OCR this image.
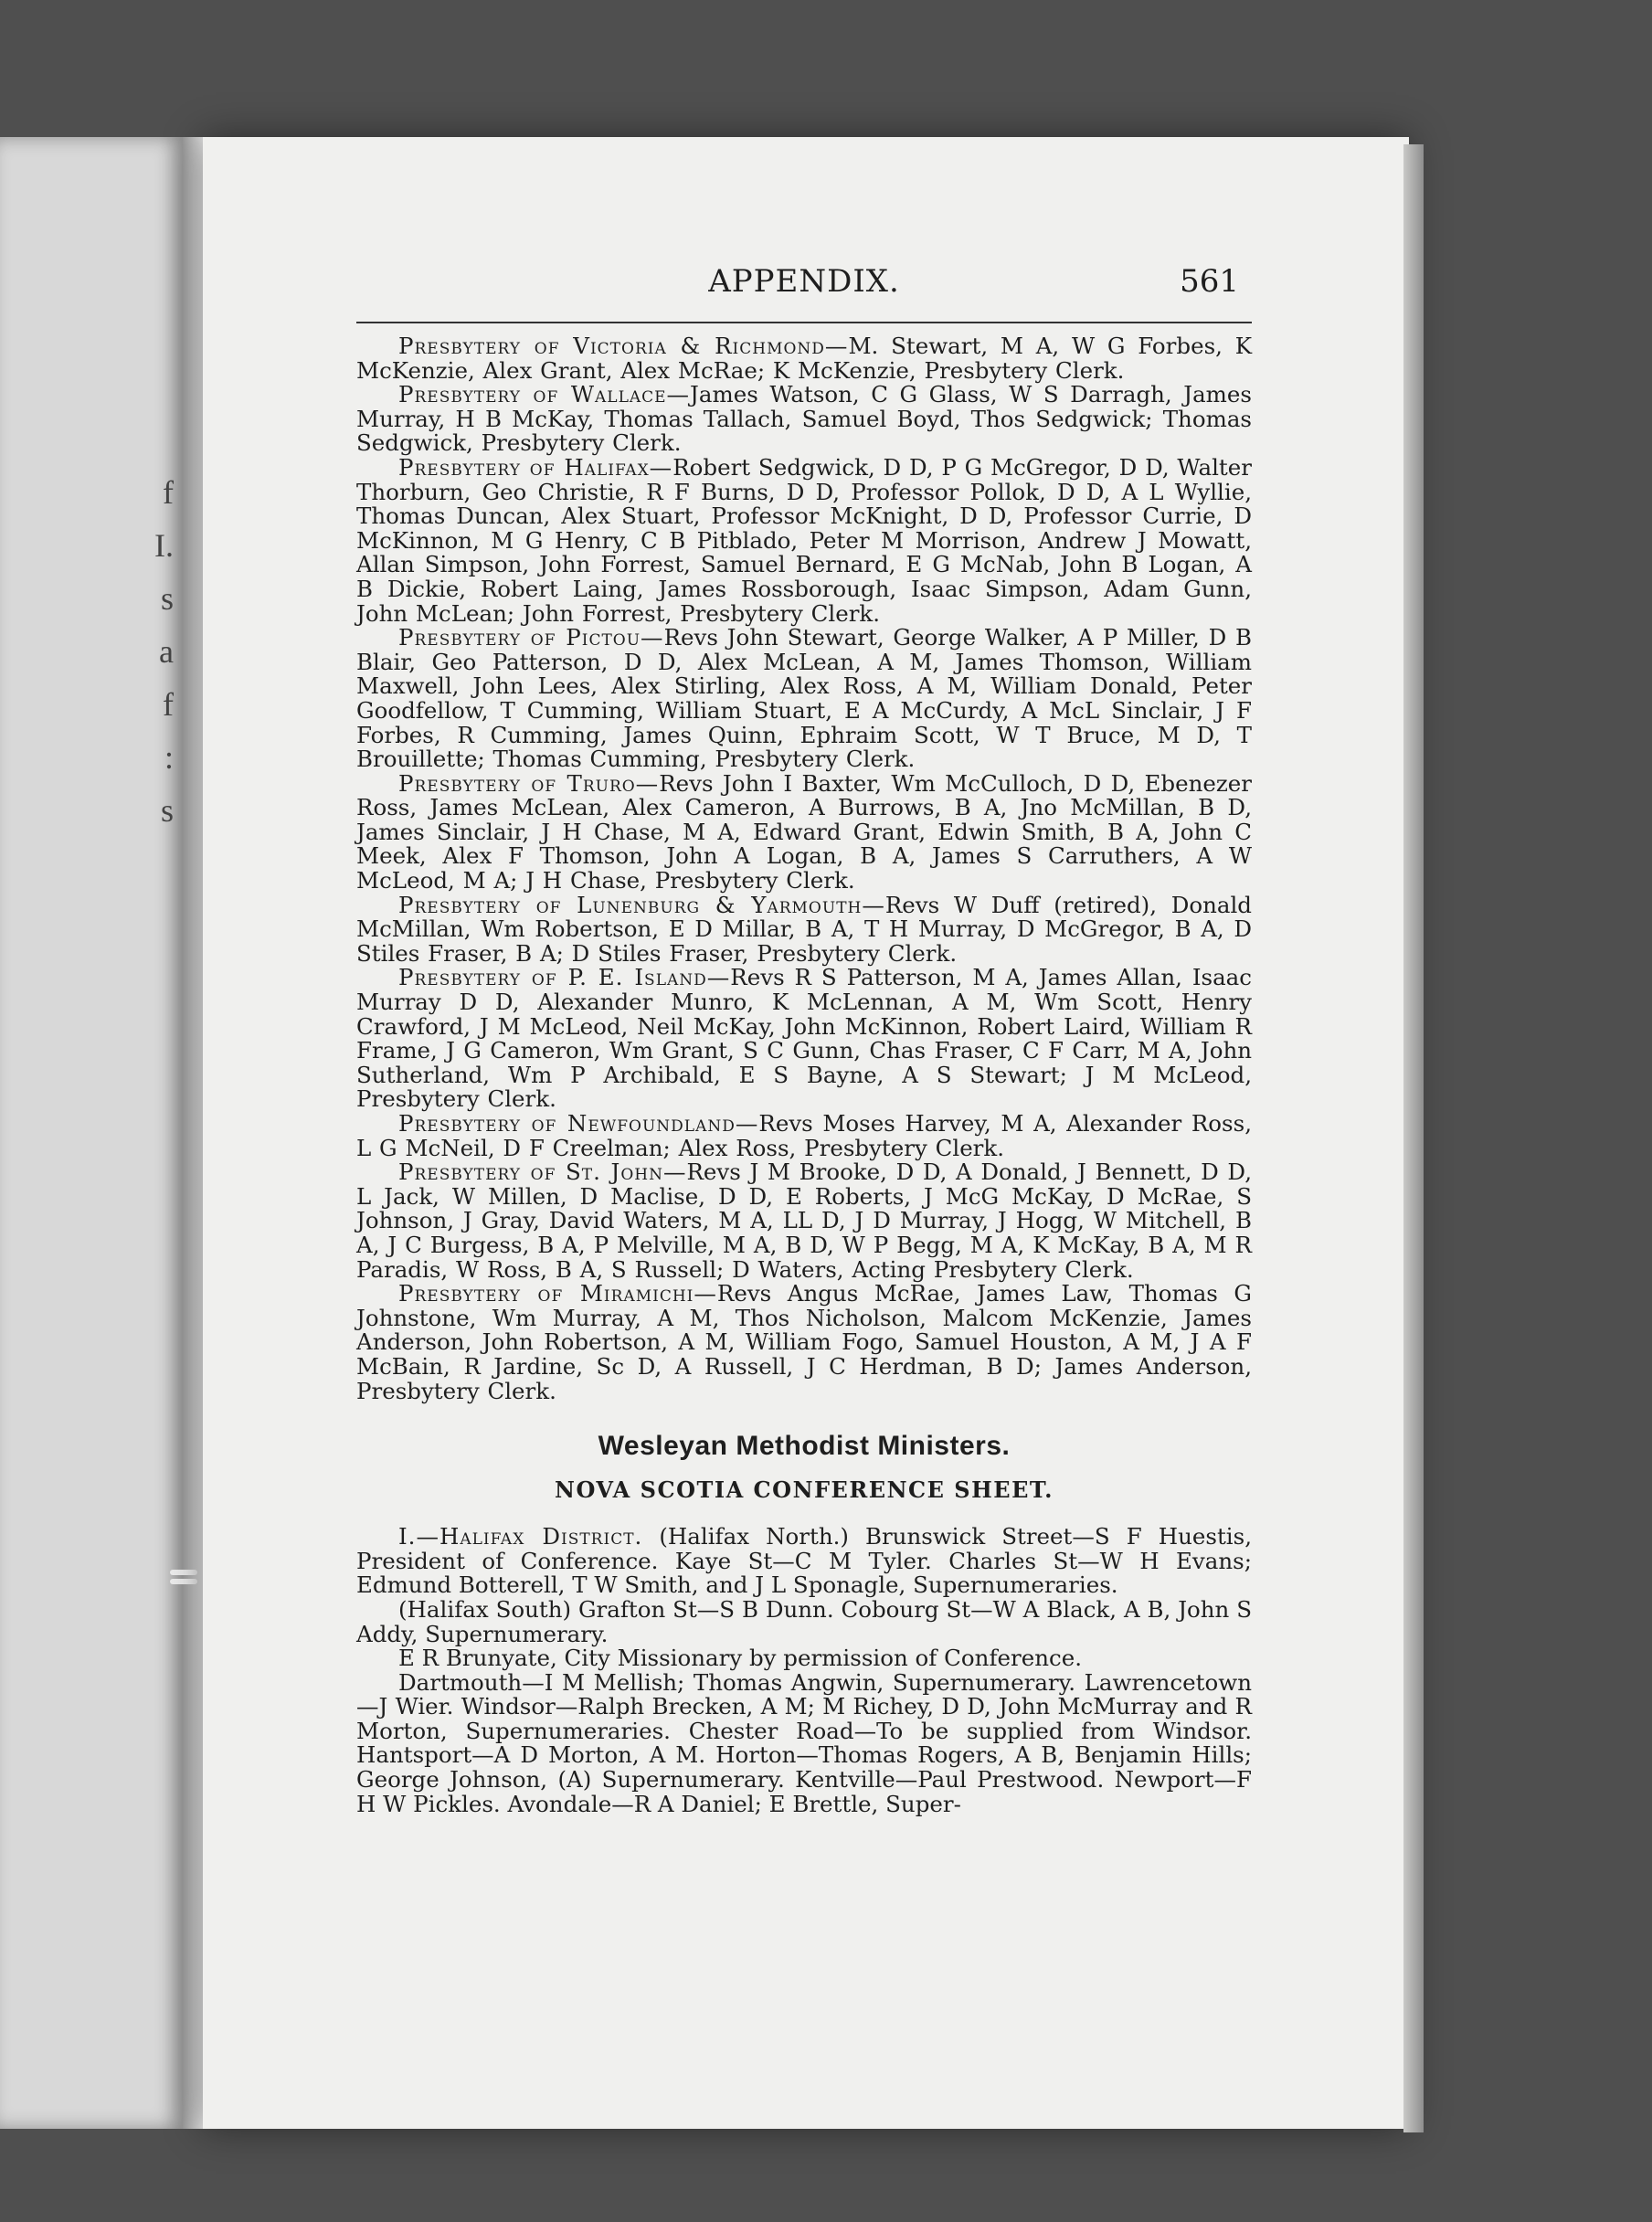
f
I.
s
a
f
:
s
APPENDIX.	561

Presbytery of Victoria & Richmond—M. Stewart, M A, W G Forbes, K McKenzie, Alex Grant, Alex McRae; K McKenzie, Presbytery Clerk.

Presbytery of Wallace—James Watson, C G Glass, W S Darragh, James Murray, H B McKay, Thomas Tallach, Samuel Boyd, Thos Sedgwick; Thomas Sedgwick, Presbytery Clerk.

Presbytery of Halifax—Robert Sedgwick, D D, P G McGregor, D D, Walter Thorburn, Geo Christie, R F Burns, D D, Professor Pollok, D D, A L Wyllie, Thomas Duncan, Alex Stuart, Professor McKnight, D D, Professor Currie, D McKinnon, M G Henry, C B Pitblado, Peter M Morrison, Andrew J Mowatt, Allan Simpson, John Forrest, Samuel Bernard, E G McNab, John B Logan, A B Dickie, Robert Laing, James Rossborough, Isaac Simpson, Adam Gunn, John McLean; John Forrest, Presbytery Clerk.

Presbytery of Pictou—Revs John Stewart, George Walker, A P Miller, D B Blair, Geo Patterson, D D, Alex McLean, A M, James Thomson, William Maxwell, John Lees, Alex Stirling, Alex Ross, A M, William Donald, Peter Goodfellow, T Cumming, William Stuart, E A McCurdy, A McL Sinclair, J F Forbes, R Cumming, James Quinn, Ephraim Scott, W T Bruce, M D, T Brouillette; Thomas Cumming, Presbytery Clerk.

Presbytery of Truro—Revs John I Baxter, Wm McCulloch, D D, Ebenezer Ross, James McLean, Alex Cameron, A Burrows, B A, Jno McMillan, B D, James Sinclair, J H Chase, M A, Edward Grant, Edwin Smith, B A, John C Meek, Alex F Thomson, John A Logan, B A, James S Carruthers, A W McLeod, M A; J H Chase, Presbytery Clerk.

Presbytery of Lunenburg & Yarmouth—Revs W Duff (retired), Donald McMillan, Wm Robertson, E D Millar, B A, T H Murray, D McGregor, B A, D Stiles Fraser, B A; D Stiles Fraser, Presbytery Clerk.

Presbytery of P. E. Island—Revs R S Patterson, M A, James Allan, Isaac Murray D D, Alexander Munro, K McLennan, A M, Wm Scott, Henry Crawford, J M McLeod, Neil McKay, John McKinnon, Robert Laird, William R Frame, J G Cameron, Wm Grant, S C Gunn, Chas Fraser, C F Carr, M A, John Sutherland, Wm P Archibald, E S Bayne, A S Stewart; J M McLeod, Presbytery Clerk.

Presbytery of Newfoundland—Revs Moses Harvey, M A, Alexander Ross, L G McNeil, D F Creelman; Alex Ross, Presbytery Clerk.

Presbytery of St. John—Revs J M Brooke, D D, A Donald, J Bennett, D D, L Jack, W Millen, D Maclise, D D, E Roberts, J McG McKay, D McRae, S Johnson, J Gray, David Waters, M A, LL D, J D Murray, J Hogg, W Mitchell, B A, J C Burgess, B A, P Melville, M A, B D, W P Begg, M A, K McKay, B A, M R Paradis, W Ross, B A, S Russell; D Waters, Acting Presbytery Clerk.

Presbytery of Miramichi—Revs Angus McRae, James Law, Thomas G Johnstone, Wm Murray, A M, Thos Nicholson, Malcom McKenzie, James Anderson, John Robertson, A M, William Fogo, Samuel Houston, A M, J A F McBain, R Jardine, Sc D, A Russell, J C Herdman, B D; James Anderson, Presbytery Clerk.

Wesleyan Methodist Ministers.
NOVA SCOTIA CONFERENCE SHEET.

I.—Halifax District. (Halifax North.) Brunswick Street—S F Huestis, President of Conference. Kaye St—C M Tyler. Charles St—W H Evans; Edmund Botterell, T W Smith, and J L Sponagle, Supernumeraries.

(Halifax South) Grafton St—S B Dunn. Cobourg St—W A Black, A B, John S Addy, Supernumerary.

E R Brunyate, City Missionary by permission of Conference.

Dartmouth—I M Mellish; Thomas Angwin, Supernumerary. Lawrencetown—J Wier. Windsor—Ralph Brecken, A M; M Richey, D D, John McMurray and R Morton, Supernumeraries. Chester Road—To be supplied from Windsor. Hantsport—A D Morton, A M. Horton—Thomas Rogers, A B, Benjamin Hills; George Johnson, (A) Supernumerary. Kentville—Paul Prestwood. Newport—F H W Pickles. Avondale—R A Daniel; E Brettle, Super-
